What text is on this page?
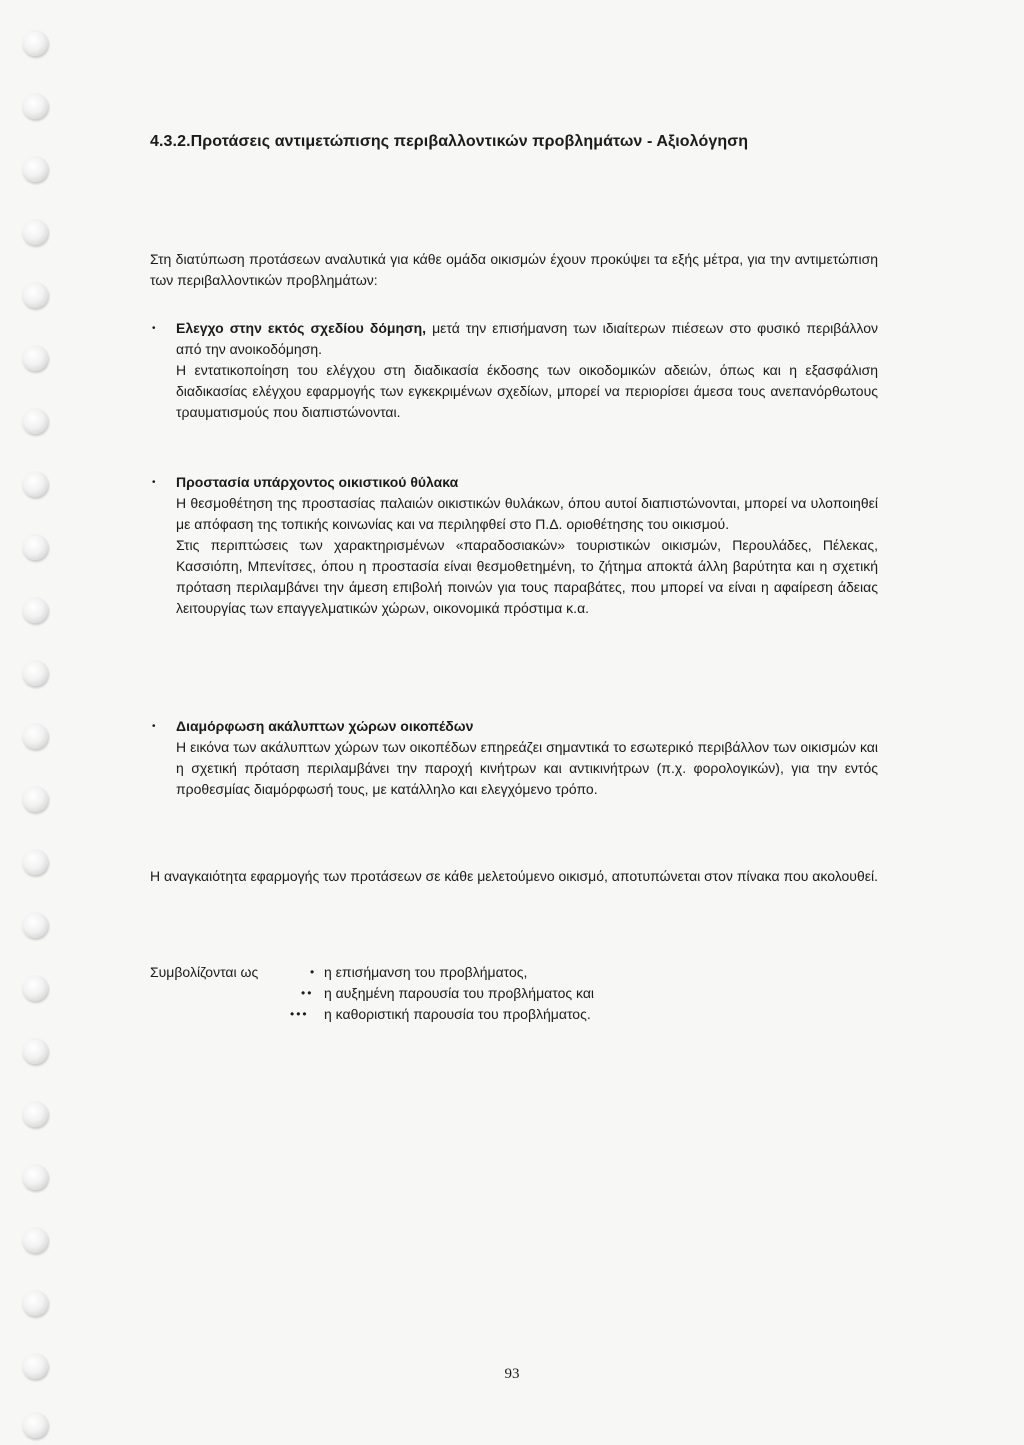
4.3.2.Προτάσεις αντιμετώπισης περιβαλλοντικών προβλημάτων - Αξιολόγηση

Στη διατύπωση προτάσεων αναλυτικά για κάθε ομάδα οικισμών έχουν προκύψει τα εξής μέτρα, για την αντιμετώπιση των περιβαλλοντικών προβλημάτων:

• Ελεγχο στην εκτός σχεδίου δόμηση, μετά την επισήμανση των ιδιαίτερων πιέσεων στο φυσικό περιβάλλον από την ανοικοδόμηση.

Η εντατικοποίηση του ελέγχου στη διαδικασία έκδοσης των οικοδομικών αδειών, όπως και η εξασφάλιση διαδικασίας ελέγχου εφαρμογής των εγκεκριμένων σχεδίων, μπορεί να περιορίσει άμεσα τους ανεπανόρθωτους τραυματισμούς που διαπιστώνονται.

• Προστασία υπάρχοντος οικιστικού θύλακα

Η θεσμοθέτηση της προστασίας παλαιών οικιστικών θυλάκων, όπου αυτοί διαπιστώνονται, μπορεί να υλοποιηθεί με απόφαση της τοπικής κοινωνίας και να περιληφθεί στο Π.Δ. οριοθέτησης του οικισμού.

Στις περιπτώσεις των χαρακτηρισμένων «παραδοσιακών» τουριστικών οικισμών, Περουλάδες, Πέλεκας, Κασσιόπη, Μπενίτσες, όπου η προστασία είναι θεσμοθετημένη, το ζήτημα αποκτά άλλη βαρύτητα και η σχετική πρόταση περιλαμβάνει την άμεση επιβολή ποινών για τους παραβάτες, που μπορεί να είναι η αφαίρεση άδειας λειτουργίας των επαγγελματικών χώρων, οικονομικά πρόστιμα κ.α.

• Διαμόρφωση ακάλυπτων χώρων οικοπέδων

Η εικόνα των ακάλυπτων χώρων των οικοπέδων επηρεάζει σημαντικά το εσωτερικό περιβάλλον των οικισμών και η σχετική πρόταση περιλαμβάνει την παροχή κινήτρων και αντικινήτρων (π.χ. φορολογικών), για την εντός προθεσμίας διαμόρφωσή τους, με κατάλληλο και ελεγχόμενο τρόπο.

Η αναγκαιότητα εφαρμογής των προτάσεων σε κάθε μελετούμενο οικισμό, αποτυπώνεται στον πίνακα που ακολουθεί.

Συμβολίζονται ως	• η επισήμανση του προβλήματος,
•• η αυξημένη παρουσία του προβλήματος και
••• η καθοριστική παρουσία του προβλήματος.
93
